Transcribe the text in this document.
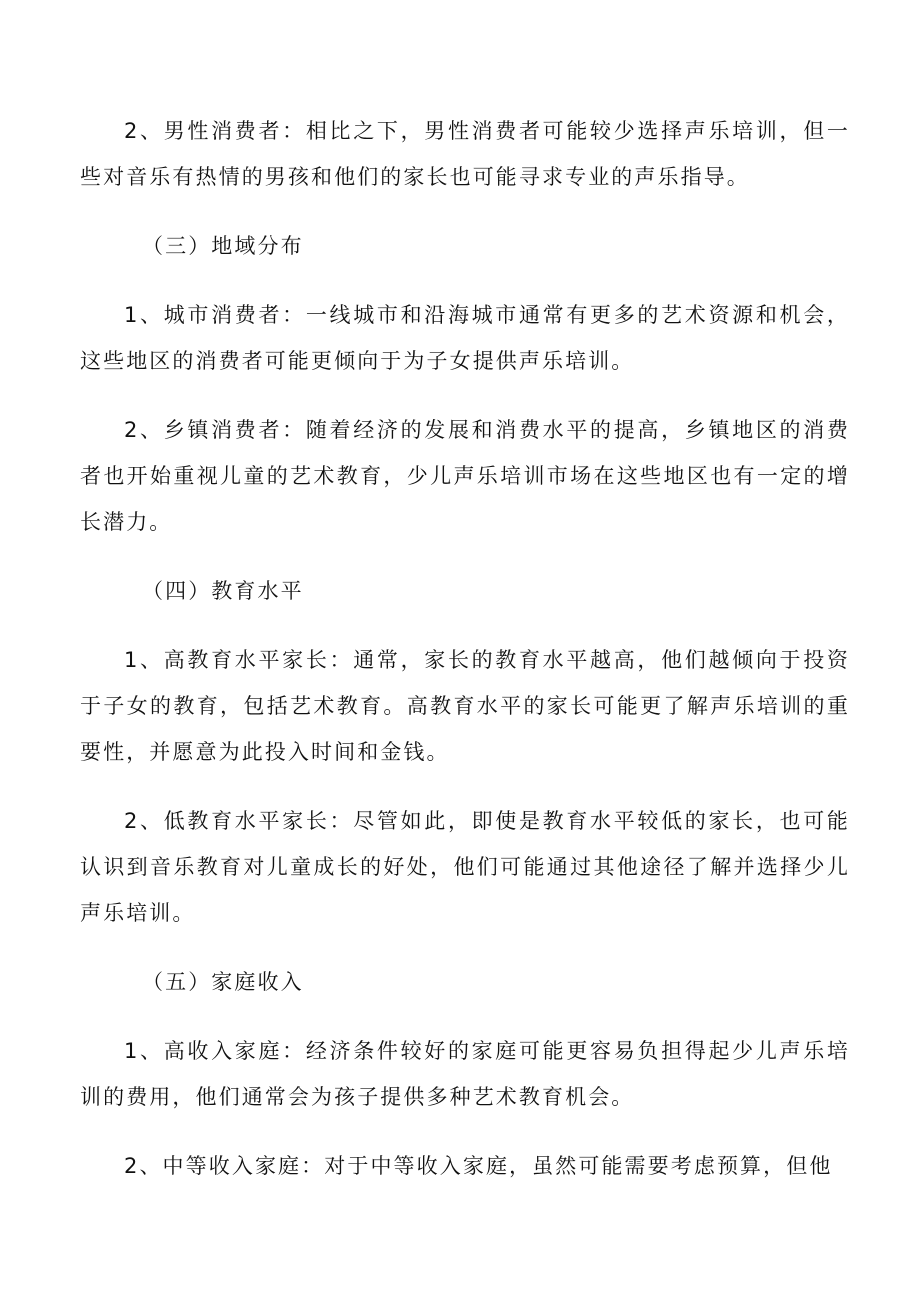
2、男性消费者：相比之下，男性消费者可能较少选择声乐培训，但一些对音乐有热情的男孩和他们的家长也可能寻求专业的声乐指导。

（三）地域分布

1、城市消费者：一线城市和沿海城市通常有更多的艺术资源和机会，这些地区的消费者可能更倾向于为子女提供声乐培训。

2、乡镇消费者：随着经济的发展和消费水平的提高，乡镇地区的消费者也开始重视儿童的艺术教育，少儿声乐培训市场在这些地区也有一定的增长潜力。

（四）教育水平

1、高教育水平家长：通常，家长的教育水平越高，他们越倾向于投资于子女的教育，包括艺术教育。高教育水平的家长可能更了解声乐培训的重要性，并愿意为此投入时间和金钱。

2、低教育水平家长：尽管如此，即使是教育水平较低的家长，也可能认识到音乐教育对儿童成长的好处，他们可能通过其他途径了解并选择少儿声乐培训。

（五）家庭收入

1、高收入家庭：经济条件较好的家庭可能更容易负担得起少儿声乐培训的费用，他们通常会为孩子提供多种艺术教育机会。

2、中等收入家庭：对于中等收入家庭，虽然可能需要考虑预算，但他
